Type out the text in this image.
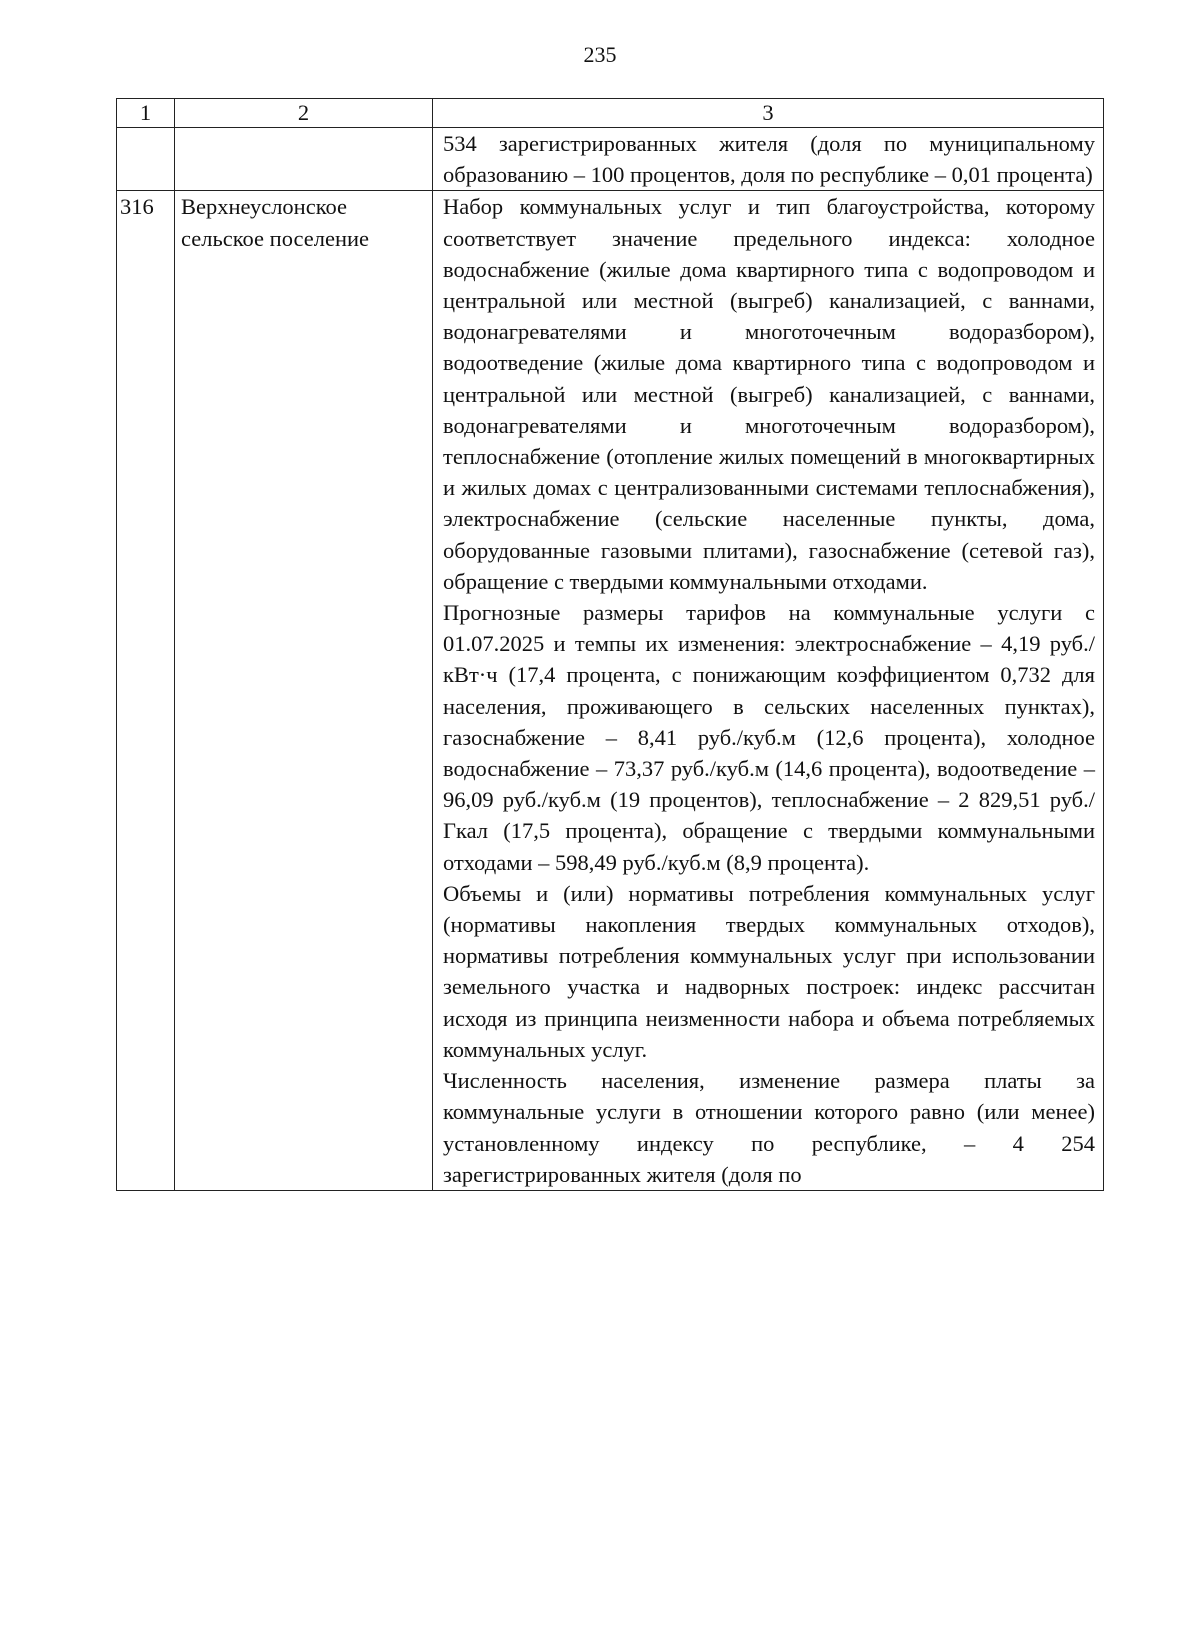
235
1	2	3

		534 зарегистрированных жителя (доля по муниципальному образованию – 100 процентов, доля по республике – 0,01 процента)

316	Верхнеуслонское сельское поселение	Набор коммунальных услуг и тип благоустройства, которому соответствует значение предельного индекса: холодное водоснабжение (жилые дома квартирного типа с водопроводом и центральной или местной (выгреб) канализацией, с ваннами, водонагревателями и многоточечным водоразбором), водоотведение (жилые дома квартирного типа с водопроводом и центральной или местной (выгреб) канализацией, с ваннами, водонагревателями и многоточечным водоразбором), теплоснабжение (отопление жилых помещений в многоквартирных и жилых домах с централизованными системами теплоснабжения), электроснабжение (сельские населенные пункты, дома, оборудованные газовыми плитами), газоснабжение (сетевой газ), обращение с твердыми коммунальными отходами.

Прогнозные размеры тарифов на коммунальные услуги с 01.07.2025 и темпы их изменения: электроснабжение – 4,19 руб./кВт·ч (17,4 процента, с понижающим коэффициентом 0,732 для населения, проживающего в сельских населенных пунктах), газоснабжение – 8,41 руб./куб.м (12,6 процента), холодное водоснабжение – 73,37 руб./куб.м (14,6 процента), водоотведение – 96,09 руб./куб.м (19 процентов), теплоснабжение – 2 829,51 руб./Гкал (17,5 процента), обращение с твердыми коммунальными отходами – 598,49 руб./куб.м (8,9 процента).

Объемы и (или) нормативы потребления коммунальных услуг (нормативы накопления твердых коммунальных отходов), нормативы потребления коммунальных услуг при использовании земельного участка и надворных построек: индекс рассчитан исходя из принципа неизменности набора и объема потребляемых коммунальных услуг.

Численность населения, изменение размера платы за коммунальные услуги в отношении которого равно (или менее) установленному индексу по республике, – 4 254 зарегистрированных жителя (доля по
